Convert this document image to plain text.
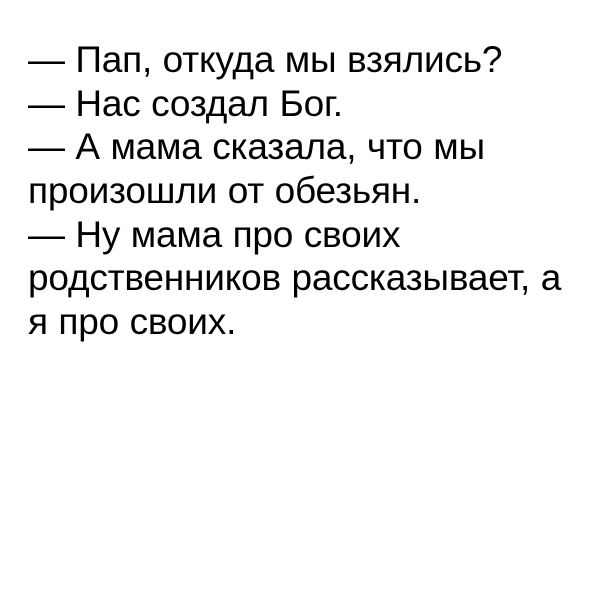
— Пап, откуда мы взялись?
— Нас создал Бог.
— А мама сказала, что мы произошли от обезьян.
— Ну мама про своих родственников рассказывает, а я про своих.
